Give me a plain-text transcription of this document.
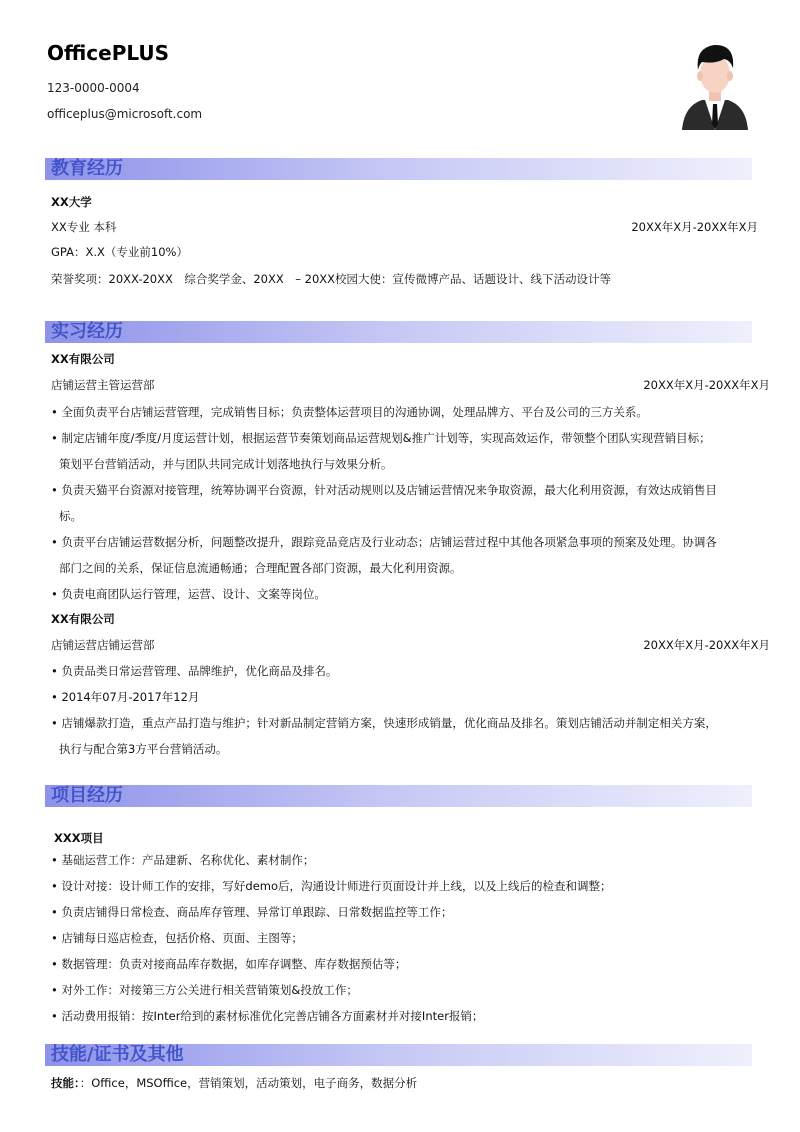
OfficePLUS
123-0000-0004
officeplus@microsoft.com
教育经历
XX大学
XX专业 本科	20XX年X月-20XX年X月
GPA：X.X（专业前10%）
荣誉奖项：20XX-20XX　综合奖学金、20XX　– 20XX校园大使：宣传微博产品、话题设计、线下活动设计等
实习经历
XX有限公司
店铺运营主管运营部	20XX年X月-20XX年X月
• 全面负责平台店铺运营管理，完成销售目标；负责整体运营项目的沟通协调，处理品牌方、平台及公司的三方关系。
• 制定店铺年度/季度/月度运营计划，根据运营节奏策划商品运营规划&推广计划等，实现高效运作，带领整个团队实现营销目标；
策划平台营销活动，并与团队共同完成计划落地执行与效果分析。
• 负责天猫平台资源对接管理，统筹协调平台资源，针对活动规则以及店铺运营情况来争取资源，最大化利用资源，有效达成销售目
标。
• 负责平台店铺运营数据分析，问题整改提升，跟踪竞品竞店及行业动态；店铺运营过程中其他各项紧急事项的预案及处理。协调各
部门之间的关系，保证信息流通畅通；合理配置各部门资源，最大化利用资源。
• 负责电商团队运行管理，运营、设计、文案等岗位。
XX有限公司
店铺运营店铺运营部	20XX年X月-20XX年X月
• 负责品类日常运营管理、品牌维护，优化商品及排名。
• 2014年07月-2017年12月
• 店铺爆款打造，重点产品打造与维护；针对新品制定营销方案，快速形成销量，优化商品及排名。策划店铺活动并制定相关方案，
执行与配合第3方平台营销活动。
项目经历
XXX项目
• 基础运营工作：产品建新、名称优化、素材制作；
• 设计对接：设计师工作的安排，写好demo后，沟通设计师进行页面设计并上线，以及上线后的检查和调整；
• 负责店铺得日常检查、商品库存管理、异常订单跟踪、日常数据监控等工作；
• 店铺每日巡店检查，包括价格、页面、主图等；
• 数据管理：负责对接商品库存数据，如库存调整、库存数据预估等；
• 对外工作：对接第三方公关进行相关营销策划&投放工作；
• 活动费用报销：按Inter给到的素材标准优化完善店铺各方面素材并对接Inter报销；
技能/证书及其他
技能：：Office，MSOffice，营销策划，活动策划，电子商务，数据分析
